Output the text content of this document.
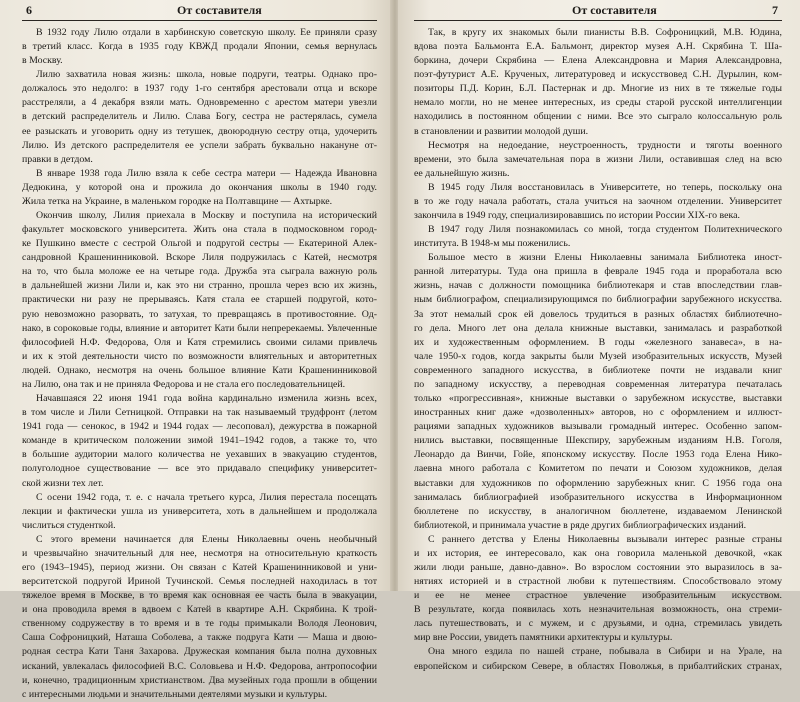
6	От составителя
В 1932 году Лилю отдали в харбинскую советскую школу. Ее приняли сразу
в третий класс. Когда в 1935 году КВЖД продали Японии, семья вернулась
в Москву.
Лилю захватила новая жизнь: школа, новые подруги, театры. Однако про-
должалось это недолго: в 1937 году 1-го сентября арестовали отца и вскоре
расстреляли, а 4 декабря взяли мать. Одновременно с арестом матери увезли
в детский распределитель и Лилю. Слава Богу, сестра не растерялась, сумела
ее разыскать и уговорить одну из тетушек, двоюродную сестру отца, удочерить
Лилю. Из детского распределителя ее успели забрать буквально накануне от-
правки в детдом.
В январе 1938 года Лилю взяла к себе сестра матери — Надежда Ивановна
Дедюкина, у которой она и прожила до окончания школы в 1940 году.
Жила тетка на Украине, в маленьком городке на Полтавщине — Ахтырке.
Окончив школу, Лилия приехала в Москву и поступила на исторический
факультет московского университета. Жить она стала в подмосковном город-
ке Пушкино вместе с сестрой Ольгой и подругой сестры — Екатериной Алек-
сандровной Крашенинниковой. Вскоре Лиля подружилась с Катей, несмотря
на то, что была моложе ее на четыре года. Дружба эта сыграла важную роль
в дальнейшей жизни Лили и, как это ни странно, прошла через всю их жизнь,
практически ни разу не прерываясь. Катя стала ее старшей подругой, кото-
рую невозможно разорвать, то затухая, то превращаясь в противостояние. Од-
нако, в сороковые годы, влияние и авторитет Кати были непререкаемы. Увлеченные
философией Н.Ф. Федорова, Оля и Катя стремились своими силами привлечь
и их к этой деятельности чисто по возможности влиятельных и авторитетных
людей. Однако, несмотря на очень большое влияние Кати Крашенинниковой
на Лилю, она так и не приняла Федорова и не стала его последовательницей.
Начавшаяся 22 июня 1941 года война кардинально изменила жизнь всех,
в том числе и Лили Сетницкой. Отправки на так называемый трудфронт (летом
1941 года — сенокос, в 1942 и 1944 годах — лесоповал), дежурства в пожарной
команде в критическом положении зимой 1941–1942 годов, а также то, что
в большие аудитории малого количества не уехавших в эвакуацию студентов,
полуголодное существование — все это придавало специфику университет-
ской жизни тех лет.
С осени 1942 года, т. е. с начала третьего курса, Лилия перестала посещать
лекции и фактически ушла из университета, хоть в дальнейшем и продолжала
числиться студенткой.
С этого времени начинается для Елены Николаевны очень необычный
и чрезвычайно значительный для нее, несмотря на относительную краткость
его (1943–1945), период жизни. Он связан с Катей Крашенинниковой и уни-
верситетской подругой Ириной Тучинской. Семья последней находилась в тот
тяжелое время в Москве, в то время как основная ее часть была в эвакуации,
и она проводила время в вдвоем с Катей в квартире А.Н. Скрябина. К трой-
ственному содружеству в то время и в те годы примыкали Володя Леонович,
Саша Софроницкий, Наташа Соболева, а также подруга Кати — Маша и двою-
родная сестра Кати Таня Захарова. Дружеская компания была полна духовных
исканий, увлекалась философией В.С. Соловьева и Н.Ф. Федорова, антропософии
и, конечно, традиционным христианством. Два музейных года прошли в общении
с интересными людьми и значительными деятелями музыки и культуры.
От составителя	7
Так, в кругу их знакомых были пианисты В.В. Софроницкий, М.В. Юдина,
вдова поэта Бальмонта Е.А. Бальмонт, директор музея А.Н. Скрябина Т. Ша-
боркина, дочери Скрябина — Елена Александровна и Мария Александровна,
поэт-футурист А.Е. Крученых, литературовед и искусствовед С.Н. Дурылин, ком-
позиторы П.Д. Корин, Б.Л. Пастернак и др. Многие из них в те тяжелые годы
немало могли, но не менее интересных, из среды старой русской интеллигенции
находились в постоянном общении с ними. Все это сыграло колоссальную роль
в становлении и развитии молодой души.
Несмотря на недоедание, неустроенность, трудности и тяготы военного
времени, это была замечательная пора в жизни Лили, оставившая след на всю
ее дальнейшую жизнь.
В 1945 году Лиля восстановилась в Университете, но теперь, поскольку она
в то же году начала работать, стала учиться на заочном отделении. Университет
закончила в 1949 году, специализировавшись по истории России XIX-го века.
В 1947 году Лиля познакомилась со мной, тогда студентом Политехнического
института. В 1948-м мы поженились.
Большое место в жизни Елены Николаевны занимала Библиотека иност-
ранной литературы. Туда она пришла в феврале 1945 года и проработала всю
жизнь, начав с должности помощника библиотекаря и став впоследствии глав-
ным библиографом, специализирующимся по библиографии зарубежного искусства.
За этот немалый срок ей довелось трудиться в разных областях библиотечно-
го дела. Много лет она делала книжные выставки, занималась и разработкой
их и художественным оформлением. В годы «железного занавеса», в на-
чале 1950-х годов, когда закрыты были Музей изобразительных искусств, Музей
современного западного искусства, в библиотеке почти не издавали книг
по западному искусству, а переводная современная литература печаталась
только «прогрессивная», книжные выставки о зарубежном искусстве, выставки
иностранных книг даже «дозволенных» авторов, но с оформлением и иллюст-
рациями западных художников вызывали громадный интерес. Особенно запом-
нились выставки, посвященные Шекспиру, зарубежным изданиям Н.В. Гоголя,
Леонардо да Винчи, Гойе, японскому искусству. После 1953 года Елена Нико-
лаевна много работала с Комитетом по печати и Союзом художников, делая
выставки для художников по оформлению зарубежных книг. С 1956 года она
занималась библиографией изобразительного искусства в Информационном
бюллетене по искусству, в аналогичном бюллетене, издаваемом Ленинской
библиотекой, и принимала участие в ряде других библиографических изданий.
С раннего детства у Елены Николаевны вызывали интерес разные страны
и их история, ее интересовало, как она говорила маленькой девочкой, «как
жили люди раньше, давно-давно». Во взрослом состоянии это выразилось в за-
нятиях историей и в страстной любви к путешествиям. Способствовало этому
и ее не менее страстное увлечение изобразительным искусством.
В результате, когда появилась хоть незначительная возможность, она стреми-
лась путешествовать, и с мужем, и с друзьями, и одна, стремилась увидеть
мир вне России, увидеть памятники архитектуры и культуры.
Она много ездила по нашей стране, побывала в Сибири и на Урале, на
европейском и сибирском Севере, в областях Поволжья, в прибалтийских странах,
